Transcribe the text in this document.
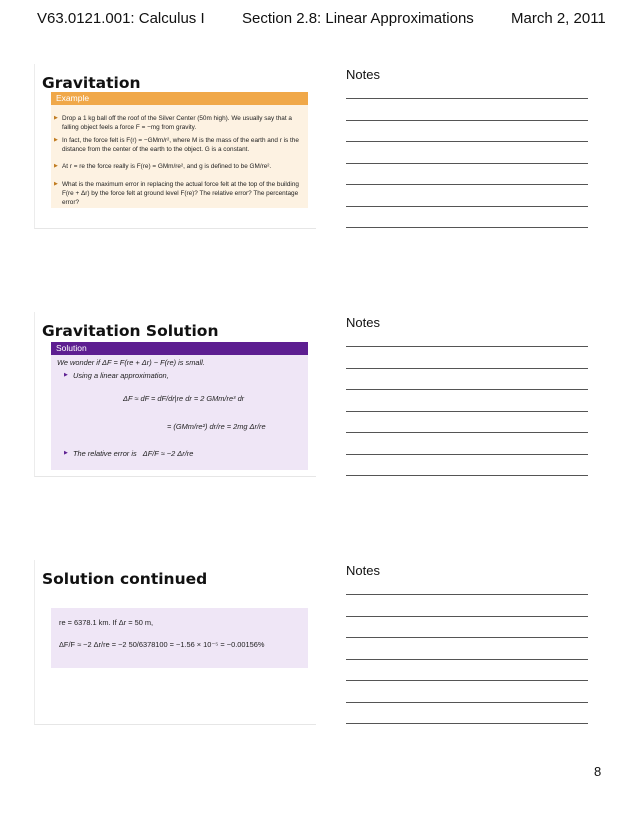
V63.0121.001: Calculus I Section 2.8: Linear Approximations March 2, 2011
Gravitation
Example
▶ Drop a 1 kg ball off the roof of the Silver Center (50m high). We usually say that a falling object feels a force F = −mg from gravity.
▶ In fact, the force felt is F(r) = −GMm/r², where M is the mass of the earth and r is the distance from the center of the earth to the object. G is a constant.
▶ At r = re the force really is F(re) = GMm/re², and g is defined to be GM/re².
▶ What is the maximum error in replacing the actual force felt at the top of the building F(re + Δr) by the force felt at ground level F(re)? The relative error? The percentage error?
Gravitation Solution
Solution
We wonder if ΔF = F(re + Δr) − F(re) is small.
▶ Using a linear approximation,
ΔF ≈ dF = dF/dr|re dr = 2 GMm/re³ dr
= (GMm/re²) dr/re = 2mg Δr/re
▶ The relative error is ΔF/F ≈ −2 Δr/re
Solution continued
re = 6378.1 km. If Δr = 50 m,
ΔF/F ≈ −2 Δr/re = −2 50/6378100 = −1.56 × 10⁻⁵ = −0.00156%
Notes
Notes
Notes
8
